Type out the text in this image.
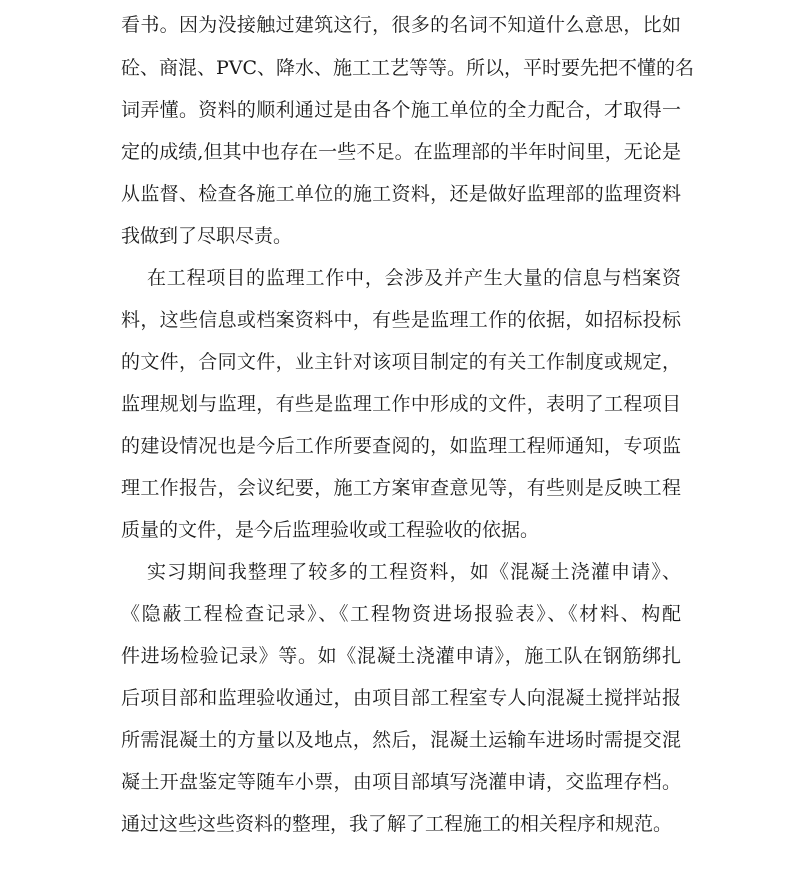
看书。因为没接触过建筑这行，很多的名词不知道什么意思，比如
砼、商混、PVC、降水、施工工艺等等。所以，平时要先把不懂的名
词弄懂。资料的顺利通过是由各个施工单位的全力配合，才取得一
定的成绩,但其中也存在一些不足。在监理部的半年时间里，无论是
从监督、检查各施工单位的施工资料，还是做好监理部的监理资料
我做到了尽职尽责。
在工程项目的监理工作中，会涉及并产生大量的信息与档案资
料，这些信息或档案资料中，有些是监理工作的依据，如招标投标
的文件，合同文件，业主针对该项目制定的有关工作制度或规定，
监理规划与监理，有些是监理工作中形成的文件，表明了工程项目
的建设情况也是今后工作所要查阅的，如监理工程师通知，专项监
理工作报告，会议纪要，施工方案审查意见等，有些则是反映工程
质量的文件，是今后监理验收或工程验收的依据。
实习期间我整理了较多的工程资料，如《混凝土浇灌申请》、
《隐蔽工程检查记录》、《工程物资进场报验表》、《材料、构配
件进场检验记录》等。如《混凝土浇灌申请》，施工队在钢筋绑扎
后项目部和监理验收通过，由项目部工程室专人向混凝土搅拌站报
所需混凝土的方量以及地点，然后，混凝土运输车进场时需提交混
凝土开盘鉴定等随车小票，由项目部填写浇灌申请，交监理存档。
通过这些这些资料的整理，我了解了工程施工的相关程序和规范。
